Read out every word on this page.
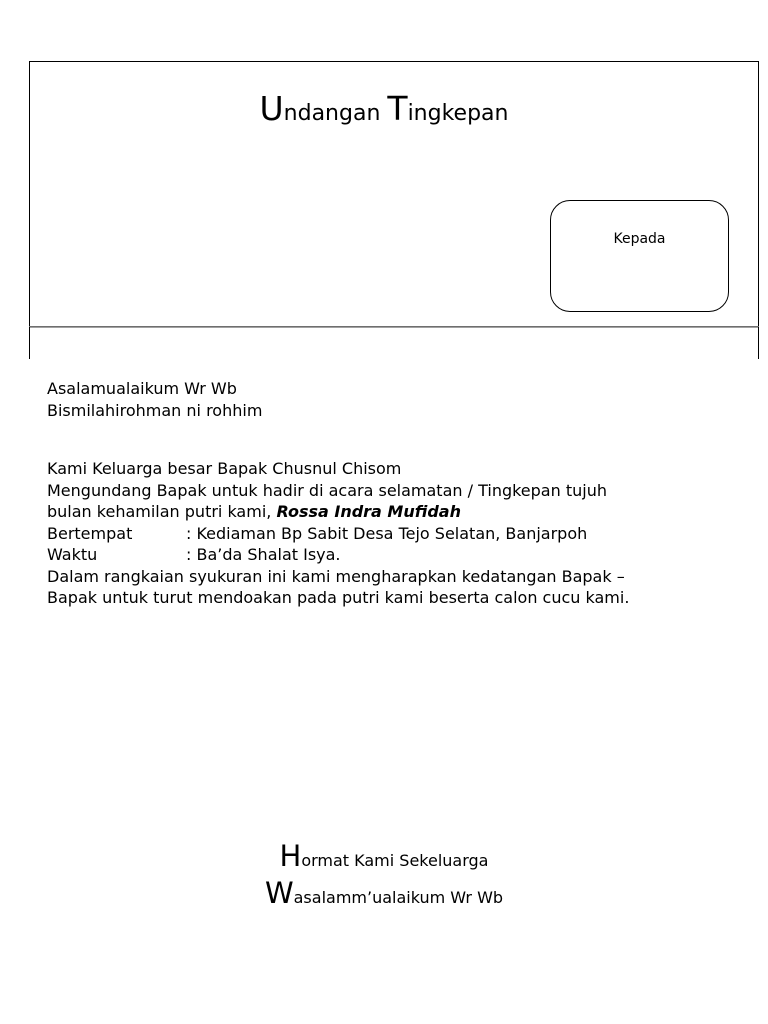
Undangan Tingkepan
Kepada
Asalamualaikum Wr Wb
Bismilahirohman ni rohhim
Kami Keluarga besar Bapak Chusnul Chisom
Mengundang Bapak untuk hadir di acara selamatan / Tingkepan tujuh
bulan kehamilan putri kami, Rossa Indra Mufidah
Bertempat	: Kediaman Bp Sabit Desa Tejo Selatan, Banjarpoh
Waktu	: Ba’da Shalat Isya.
Dalam rangkaian syukuran ini kami mengharapkan kedatangan Bapak –
Bapak untuk turut mendoakan pada putri kami beserta calon cucu kami.
Hormat Kami Sekeluarga
Wasalamm’ualaikum Wr Wb
